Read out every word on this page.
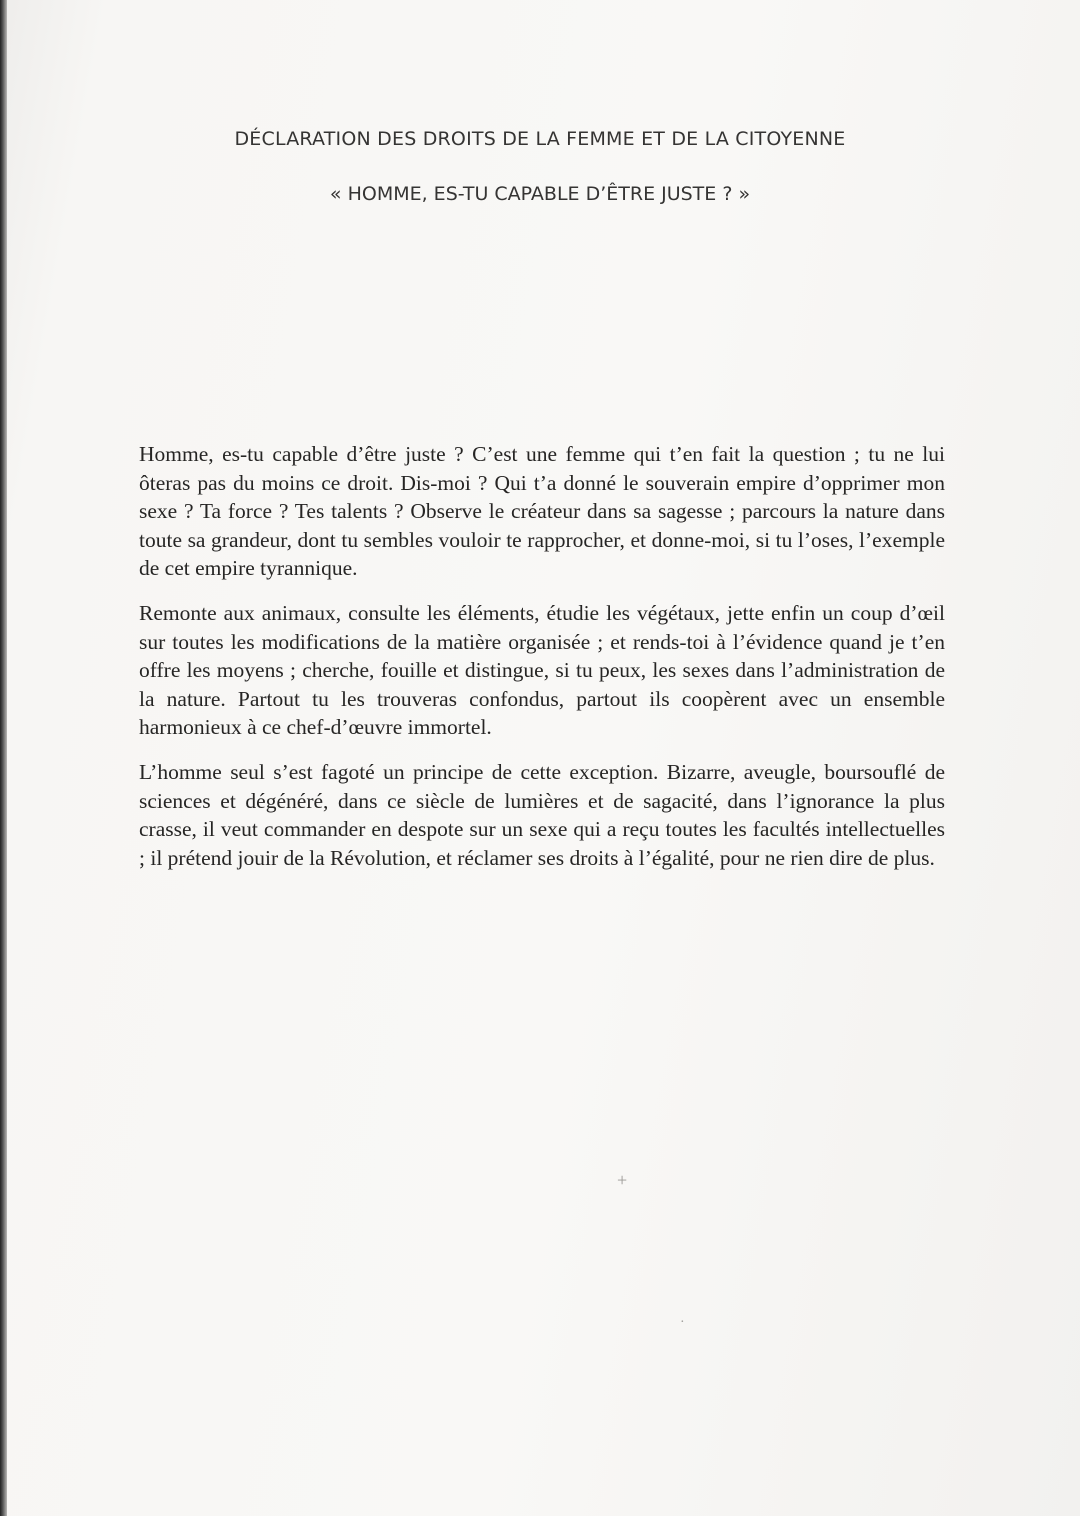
DÉCLARATION DES DROITS DE LA FEMME ET DE LA CITOYENNE
« HOMME, ES-TU CAPABLE D’ÊTRE JUSTE ? »

Homme, es-tu capable d’être juste ? C’est une femme qui t’en fait la question ; tu ne lui ôteras pas du moins ce droit. Dis-moi ? Qui t’a donné le souverain empire d’opprimer mon sexe ? Ta force ? Tes talents ? Observe le créateur dans sa sagesse ; parcours la nature dans toute sa grandeur, dont tu sembles vouloir te rapprocher, et donne-moi, si tu l’oses, l’exemple de cet empire tyrannique.

Remonte aux animaux, consulte les éléments, étudie les végétaux, jette enfin un coup d’œil sur toutes les modifications de la matière organisée ; et rends-toi à l’évidence quand je t’en offre les moyens ; cherche, fouille et distingue, si tu peux, les sexes dans l’administration de la nature. Partout tu les trouveras confondus, partout ils coopèrent avec un ensemble harmonieux à ce chef-d’œuvre immortel.

L’homme seul s’est fagoté un principe de cette exception. Bizarre, aveugle, boursouflé de sciences et dégénéré, dans ce siècle de lumières et de sagacité, dans l’ignorance la plus crasse, il veut commander en despote sur un sexe qui a reçu toutes les facultés intellectuelles ; il prétend jouir de la Révolution, et réclamer ses droits à l’égalité, pour ne rien dire de plus.

+
·
